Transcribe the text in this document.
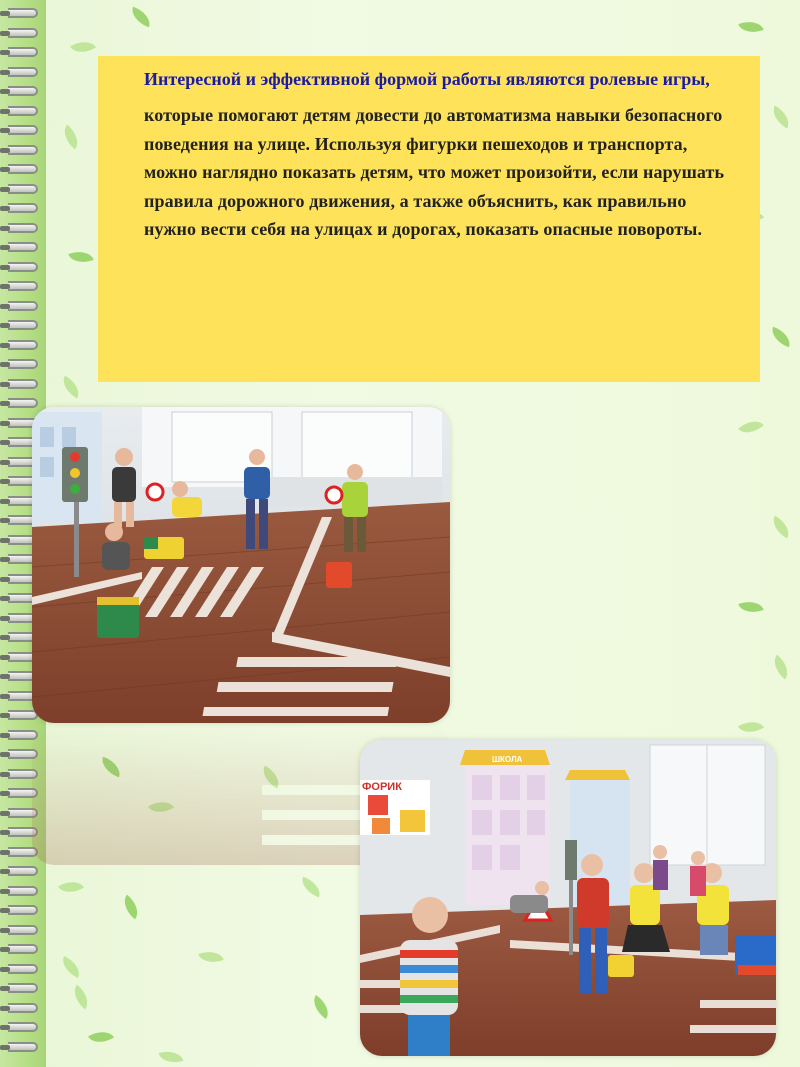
Интересной и эффективной формой работы являются ролевые игры,

которые помогают детям довести до автоматизма навыки безопасного поведения на улице. Используя фигурки пешеходов и транспорта, можно наглядно показать детям, что может произойти, если нарушать правила дорожного движения, а также объяснить, как правильно нужно вести себя на улицах и дорогах, показать опасные повороты.

ФОРИК
ШКОЛА
